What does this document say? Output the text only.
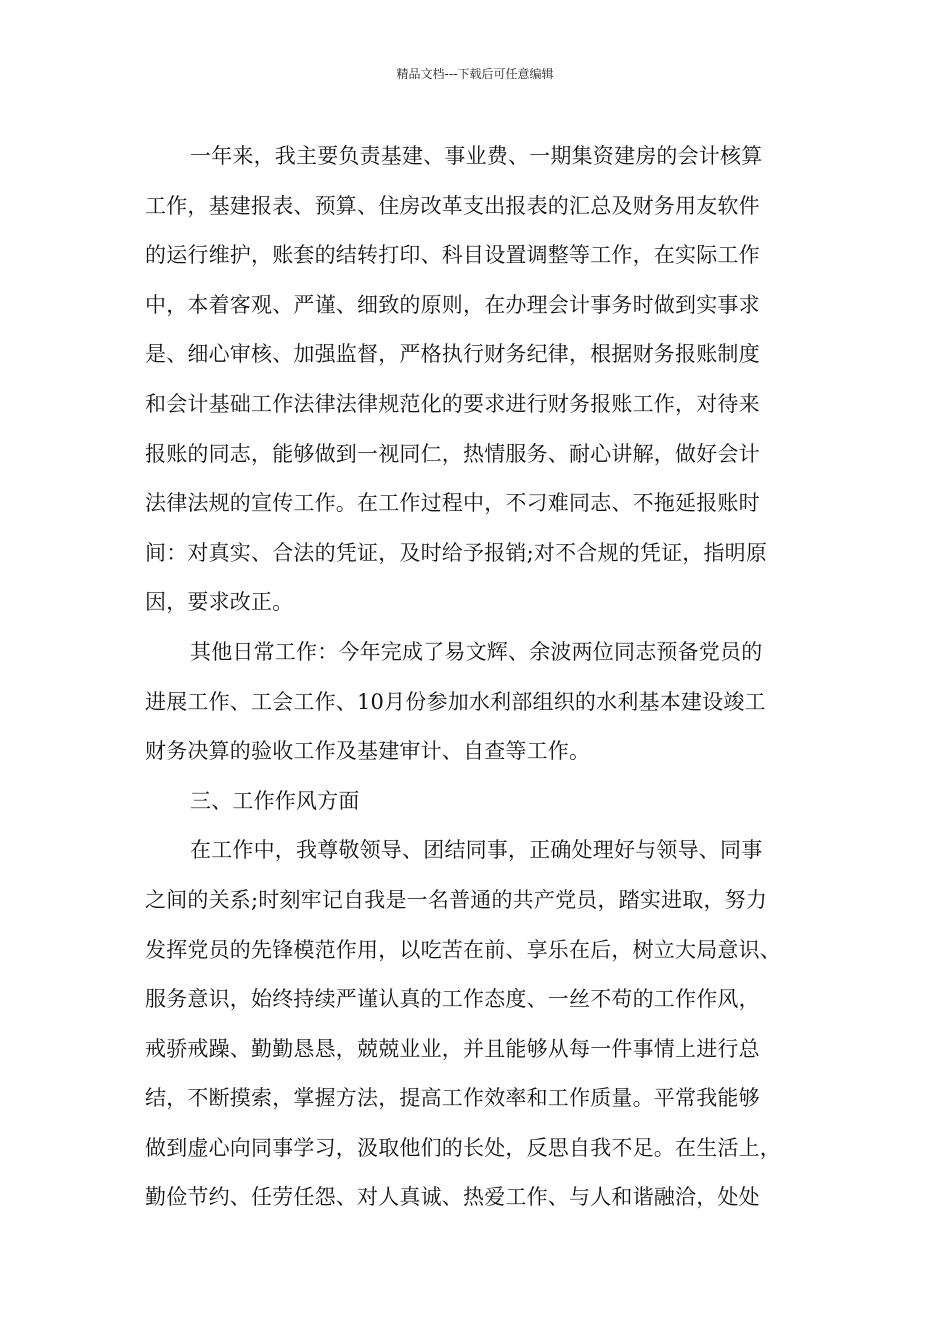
精品文档---下载后可任意编辑
一年来，我主要负责基建、事业费、一期集资建房的会计核算
工作，基建报表、预算、住房改革支出报表的汇总及财务用友软件
的运行维护，账套的结转打印、科目设置调整等工作，在实际工作
中，本着客观、严谨、细致的原则，在办理会计事务时做到实事求
是、细心审核、加强监督，严格执行财务纪律，根据财务报账制度
和会计基础工作法律法律规范化的要求进行财务报账工作，对待来
报账的同志，能够做到一视同仁，热情服务、耐心讲解，做好会计
法律法规的宣传工作。在工作过程中，不刁难同志、不拖延报账时
间：对真实、合法的凭证，及时给予报销;对不合规的凭证，指明原
因，要求改正。
其他日常工作：今年完成了易文辉、余波两位同志预备党员的
进展工作、工会工作、10月份参加水利部组织的水利基本建设竣工
财务决算的验收工作及基建审计、自查等工作。
三、工作作风方面
在工作中，我尊敬领导、团结同事，正确处理好与领导、同事
之间的关系;时刻牢记自我是一名普通的共产党员，踏实进取，努力
发挥党员的先锋模范作用，以吃苦在前、享乐在后，树立大局意识、
服务意识，始终持续严谨认真的工作态度、一丝不苟的工作作风，
戒骄戒躁、勤勤恳恳，兢兢业业，并且能够从每一件事情上进行总
结，不断摸索，掌握方法，提高工作效率和工作质量。平常我能够
做到虚心向同事学习，汲取他们的长处，反思自我不足。在生活上，
勤俭节约、任劳任怨、对人真诚、热爱工作、与人和谐融洽，处处
